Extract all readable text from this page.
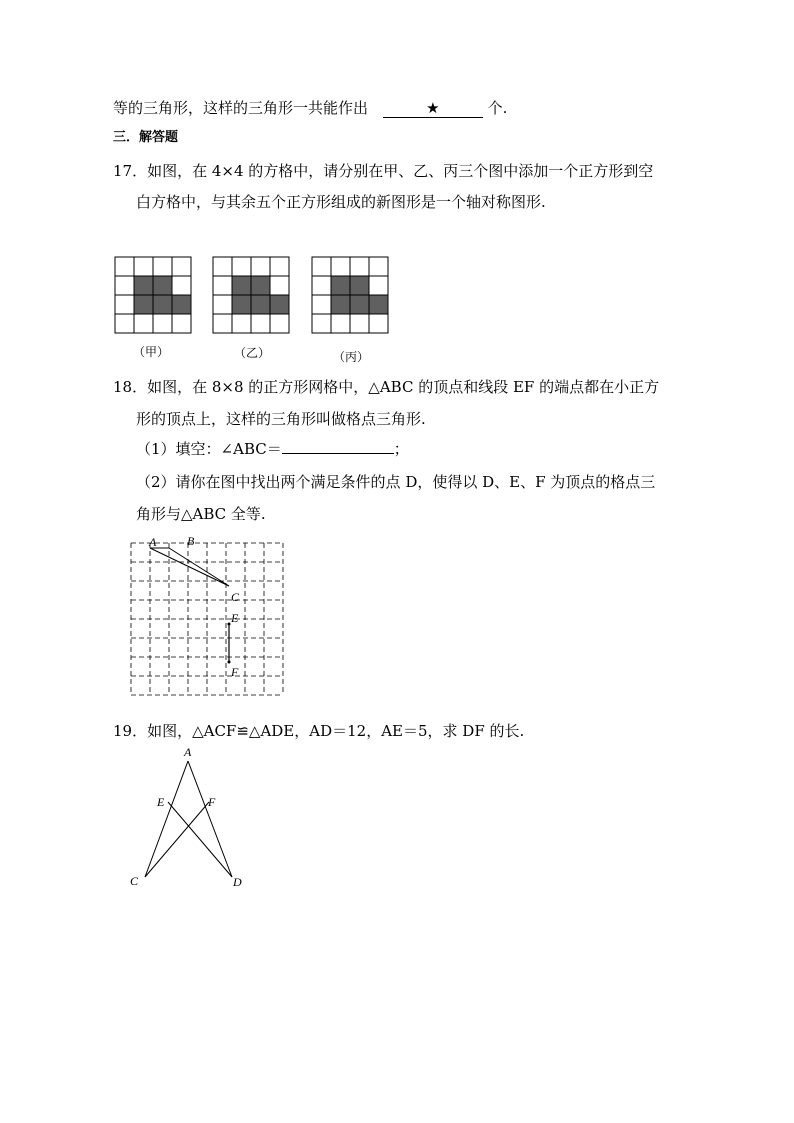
等的三角形，这样的三角形一共能作出	★	个.
三．解答题
17．如图，在 4×4 的方格中，请分别在甲、乙、丙三个图中添加一个正方形到空
白方格中，与其余五个正方形组成的新图形是一个轴对称图形.
（甲）	（乙）	（丙）
18．如图，在 8×8 的正方形网格中，△ABC 的顶点和线段 EF 的端点都在小正方
形的顶点上，这样的三角形叫做格点三角形.
（1）填空：∠ABC＝	；
（2）请你在图中找出两个满足条件的点 D，使得以 D、E、F 为顶点的格点三
角形与△ABC 全等.
A	B
C
E
F
19．如图，△ACF≌△ADE，AD＝12，AE＝5，求 DF 的长.
A
E	F
C	D
